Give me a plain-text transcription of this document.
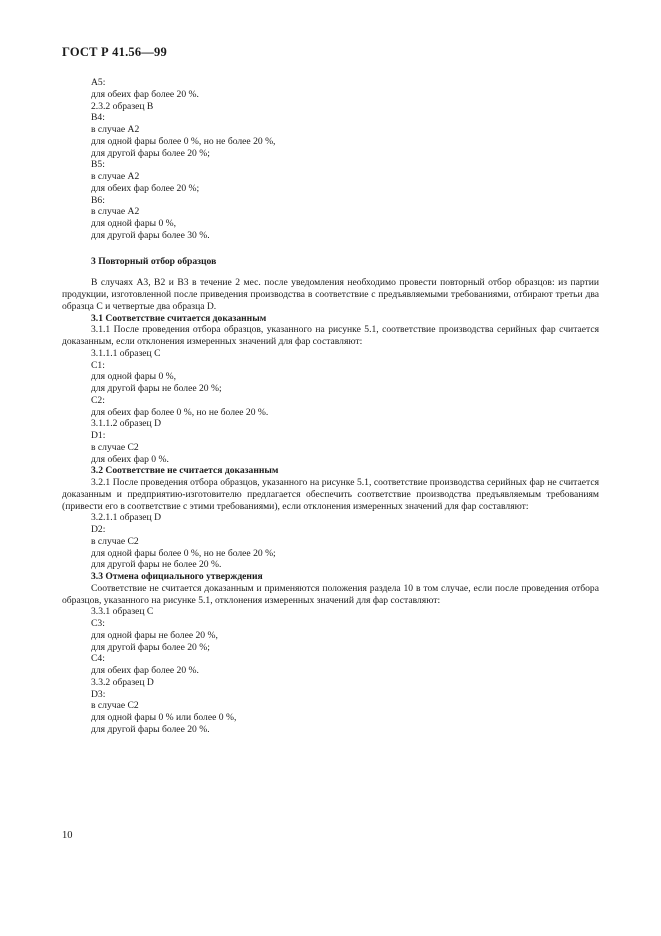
ГОСТ Р 41.56—99
А5:
для обеих фар более 20 %.
2.3.2 образец В
В4:
в случае А2
для одной фары более 0 %, но не более 20 %,
для другой фары более 20 %;
В5:
в случае А2
для обеих фар более 20 %;
В6:
в случае А2
для одной фары 0 %,
для другой фары более 30 %.
3 Повторный отбор образцов
В случаях А3, В2 и В3 в течение 2 мес. после уведомления необходимо провести повторный отбор образцов: из партии продукции, изготовленной после приведения производства в соответствие с предъявляемыми требованиями, отбирают третьи два образца С и четвертые два образца D.
3.1 Соответствие считается доказанным
3.1.1 После проведения отбора образцов, указанного на рисунке 5.1, соответствие производства серийных фар считается доказанным, если отклонения измеренных значений для фар составляют:
3.1.1.1 образец С
С1:
для одной фары 0 %,
для другой фары не более 20 %;
С2:
для обеих фар более 0 %, но не более 20 %.
3.1.1.2 образец D
D1:
в случае С2
для обеих фар 0 %.
3.2 Соответствие не считается доказанным
3.2.1 После проведения отбора образцов, указанного на рисунке 5.1, соответствие производства серийных фар не считается доказанным и предприятию-изготовителю предлагается обеспечить соответствие производства предъявляемым требованиям (привести его в соответствие с этими требованиями), если отклонения измеренных значений для фар составляют:
3.2.1.1 образец D
D2:
в случае С2
для одной фары более 0 %, но не более 20 %;
для другой фары не более 20 %.
3.3 Отмена официального утверждения
Соответствие не считается доказанным и применяются положения раздела 10 в том случае, если после проведения отбора образцов, указанного на рисунке 5.1, отклонения измеренных значений для фар составляют:
3.3.1 образец С
С3:
для одной фары не более 20 %,
для другой фары более 20 %;
С4:
для обеих фар более 20 %.
3.3.2 образец D
D3:
в случае С2
для одной фары 0 % или более 0 %,
для другой фары более 20 %.
10
